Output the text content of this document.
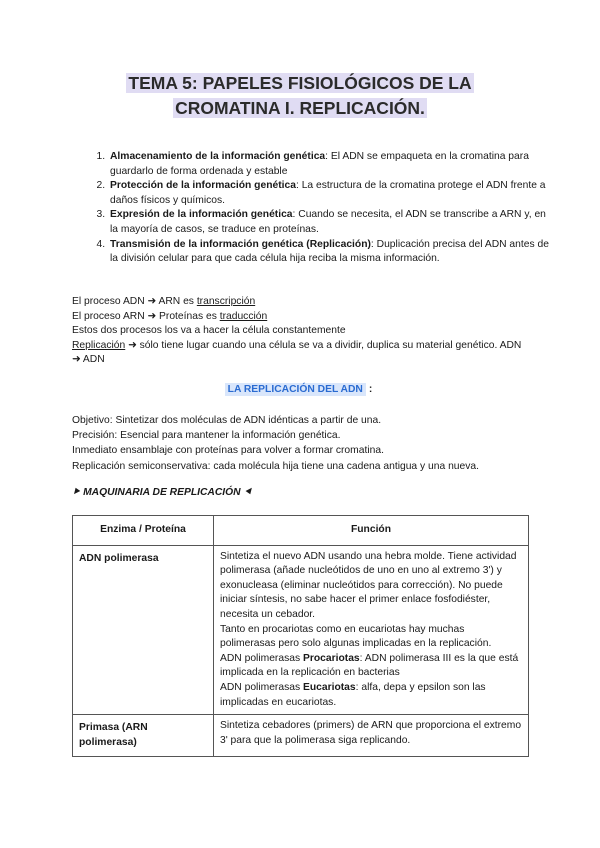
TEMA 5: PAPELES FISIOLÓGICOS DE LA
CROMATINA I. REPLICACIÓN.
1. Almacenamiento de la información genética: El ADN se empaqueta en la cromatina para guardarlo de forma ordenada y estable
2. Protección de la información genética: La estructura de la cromatina protege el ADN frente a daños físicos y químicos.
3. Expresión de la información genética: Cuando se necesita, el ADN se transcribe a ARN y, en la mayoría de casos, se traduce en proteínas.
4. Transmisión de la información genética (Replicación): Duplicación precisa del ADN antes de la división celular para que cada célula hija reciba la misma información.
El proceso ADN ➜ ARN es transcripción
El proceso ARN ➜ Proteínas es traducción
Estos dos procesos los va a hacer la célula constantemente
Replicación ➜ sólo tiene lugar cuando una célula se va a dividir, duplica su material genético. ADN ➜ ADN
LA REPLICACIÓN DEL ADN :
Objetivo: Sintetizar dos moléculas de ADN idénticas a partir de una.
Precisión: Esencial para mantener la información genética.
Inmediato ensamblaje con proteínas para volver a formar cromatina.
Replicación semiconservativa: cada molécula hija tiene una cadena antigua y una nueva.
⯈ MAQUINARIA DE REPLICACIÓN ⯇
Enzima / Proteína	Función
ADN polimerasa	Sintetiza el nuevo ADN usando una hebra molde. Tiene actividad polimerasa (añade nucleótidos de uno en uno al extremo 3') y exonucleasa (eliminar nucleótidos para corrección). No puede iniciar síntesis, no sabe hacer el primer enlace fosfodiéster, necesita un cebador.
Tanto en procariotas como en eucariotas hay muchas polimerasas pero solo algunas implicadas en la replicación.
ADN polimerasas Procariotas: ADN polimerasa III es la que está implicada en la replicación en bacterias
ADN polimerasas Eucariotas: alfa, depa y epsilon son las implicadas en eucariotas.

Primasa (ARN polimerasa)	Sintetiza cebadores (primers) de ARN que proporciona el extremo 3' para que la polimerasa siga replicando.
